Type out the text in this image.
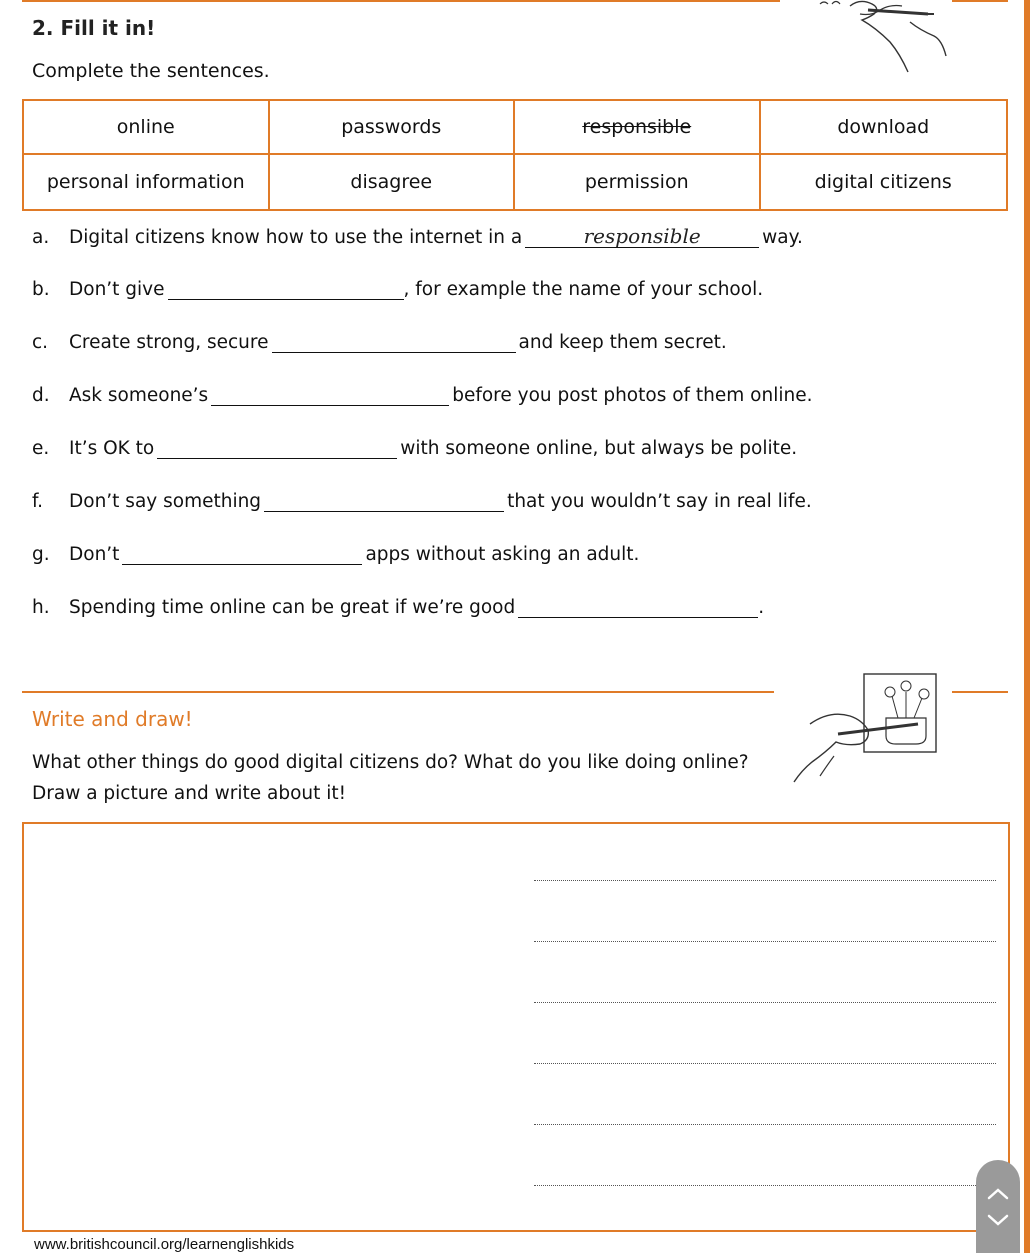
2. Fill it in!
Complete the sentences.
online	passwords	responsible	download
personal information	disagree	permission	digital citizens
a.	Digital citizens know how to use the internet in a	responsible	way.
b.	Don’t give	, for example the name of your school.
c.	Create strong, secure	and keep them secret.
d.	Ask someone’s	before you post photos of them online.
e.	It’s OK to	with someone online, but always be polite.
f.	Don’t say something	that you wouldn’t say in real life.
g.	Don’t	apps without asking an adult.
h.	Spending time online can be great if we’re good	.
Write and draw!
What other things do good digital citizens do? What do you like doing online?
Draw a picture and write about it!
www.britishcouncil.org/learnenglishkids
